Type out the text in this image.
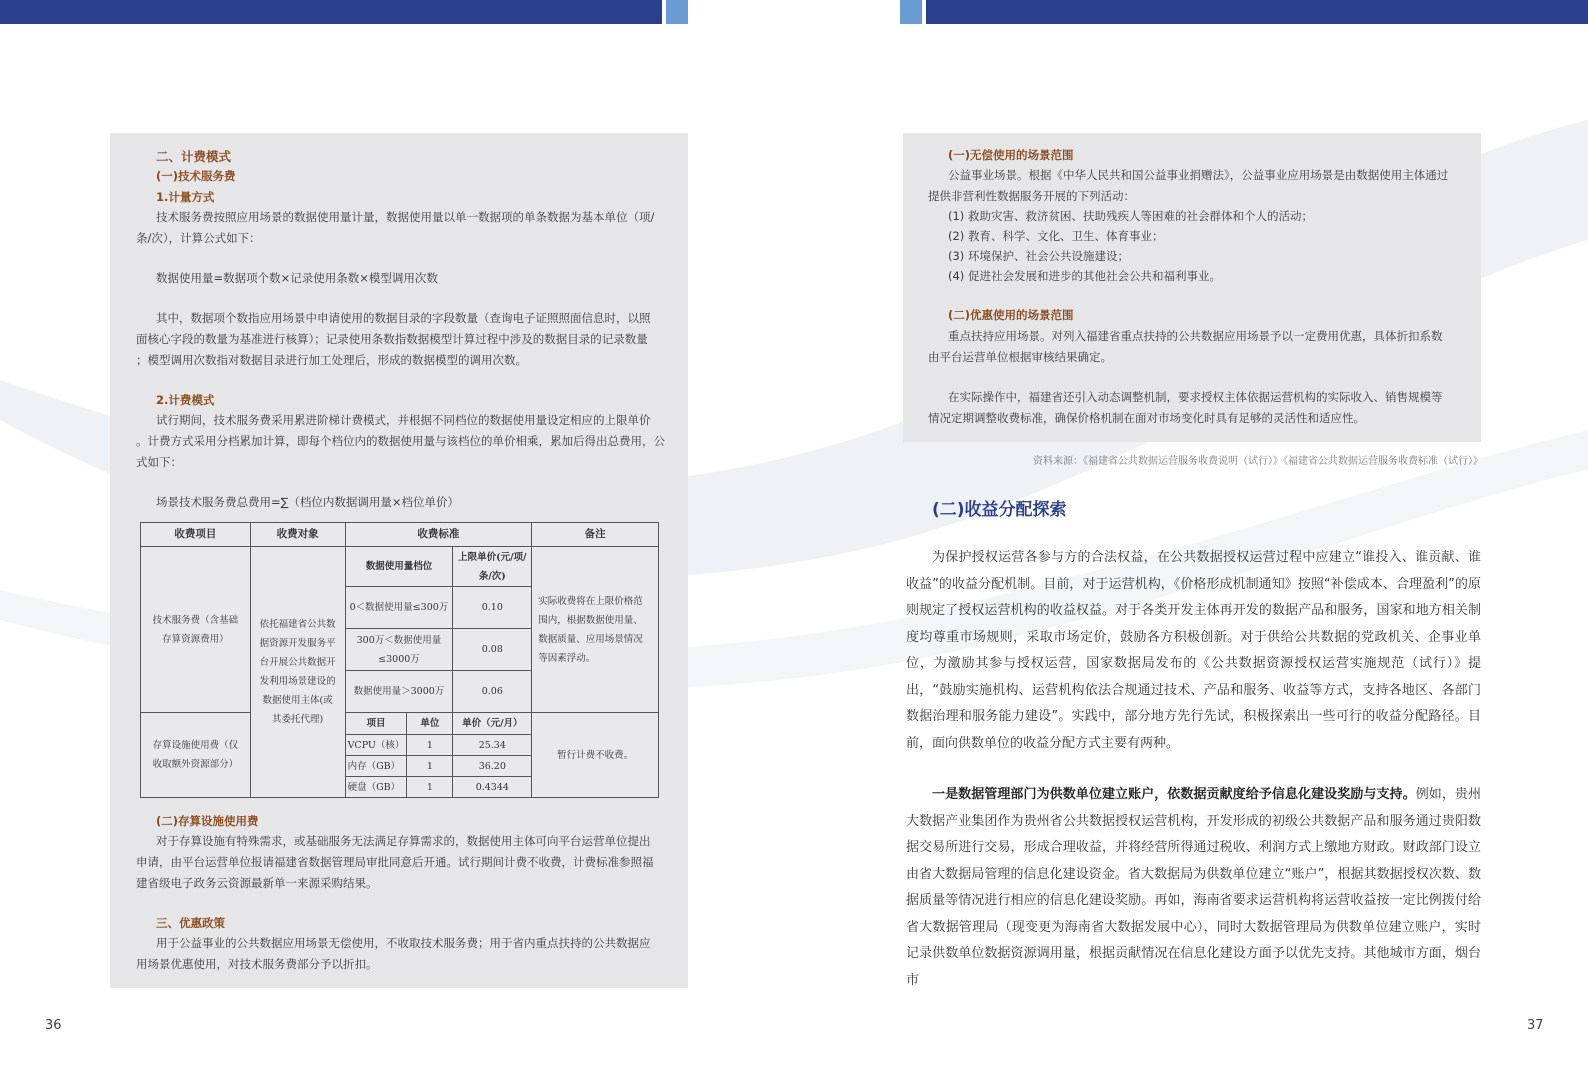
二、计费模式
(一)技术服务费
1.计量方式
技术服务费按照应用场景的数据使用量计量，数据使用量以单一数据项的单条数据为基本单位（项/
条/次），计算公式如下：
数据使用量=数据项个数×记录使用条数×模型调用次数
其中，数据项个数指应用场景中申请使用的数据目录的字段数量（查询电子证照照面信息时，以照
面核心字段的数量为基准进行核算）；记录使用条数指数据模型计算过程中涉及的数据目录的记录数量
；模型调用次数指对数据目录进行加工处理后，形成的数据模型的调用次数。
2.计费模式
试行期间，技术服务费采用累进阶梯计费模式，并根据不同档位的数据使用量设定相应的上限单价
。计费方式采用分档累加计算，即每个档位内的数据使用量与该档位的单价相乘，累加后得出总费用，公
式如下：
场景技术服务费总费用=∑（档位内数据调用量×档位单价）
收费项目	收费对象	收费标准			备注
技术服务费（含基础存算资源费用）	依托福建省公共数据资源开发服务平台开展公共数据开发利用场景建设的数据使用主体(或其委托代理)	数据使用量档位		上限单价(元/项/条/次)	实际收费将在上限价格范围内，根据数据使用量、数据质量、应用场景情况等因素浮动。
		0＜数据使用量≤300万		0.10	
		300万＜数据使用量≤3000万		0.08	
		数据使用量＞3000万		0.06	
存算设施使用费（仅收取额外资源部分）		项目	单位	单价（元/月）	暂行计费不收费。
		VCPU（核）	1	25.34	
		内存（GB）	1	36.20	
		硬盘（GB）	1	0.4344	
(二)存算设施使用费
对于存算设施有特殊需求，或基础服务无法满足存算需求的，数据使用主体可向平台运营单位提出
申请，由平台运营单位报请福建省数据管理局审批同意后开通。试行期间计费不收费，计费标准参照福
建省级电子政务云资源最新单一来源采购结果。
三、优惠政策
用于公益事业的公共数据应用场景无偿使用，不收取技术服务费；用于省内重点扶持的公共数据应
用场景优惠使用，对技术服务费部分予以折扣。
36
(一)无偿使用的场景范围
公益事业场景。根据《中华人民共和国公益事业捐赠法》，公益事业应用场景是由数据使用主体通过
提供非营利性数据服务开展的下列活动：
(1) 救助灾害、救济贫困、扶助残疾人等困难的社会群体和个人的活动；
(2) 教育、科学、文化、卫生、体育事业；
(3) 环境保护、社会公共设施建设；
(4) 促进社会发展和进步的其他社会公共和福利事业。
(二)优惠使用的场景范围
重点扶持应用场景。对列入福建省重点扶持的公共数据应用场景予以一定费用优惠，具体折扣系数
由平台运营单位根据审核结果确定。
在实际操作中，福建省还引入动态调整机制，要求授权主体依据运营机构的实际收入、销售规模等
情况定期调整收费标准，确保价格机制在面对市场变化时具有足够的灵活性和适应性。
资料来源：《福建省公共数据运营服务收费说明（试行）》《福建省公共数据运营服务收费标准（试行）》
(二)收益分配探索
为保护授权运营各参与方的合法权益，在公共数据授权运营过程中应建立“谁投入、谁贡献、谁收益”的收益分配机制。目前，对于运营机构，《价格形成机制通知》按照“补偿成本、合理盈利”的原则规定了授权运营机构的收益权益。对于各类开发主体再开发的数据产品和服务，国家和地方相关制度均尊重市场规则，采取市场定价，鼓励各方积极创新。对于供给公共数据的党政机关、企事业单位，为激励其参与授权运营，国家数据局发布的《公共数据资源授权运营实施规范（试行）》提出，“鼓励实施机构、运营机构依法合规通过技术、产品和服务、收益等方式，支持各地区、各部门数据治理和服务能力建设”。实践中，部分地方先行先试，积极探索出一些可行的收益分配路径。目前，面向供数单位的收益分配方式主要有两种。
一是数据管理部门为供数单位建立账户，依数据贡献度给予信息化建设奖励与支持。例如，贵州大数据产业集团作为贵州省公共数据授权运营机构，开发形成的初级公共数据产品和服务通过贵阳数据交易所进行交易，形成合理收益，并将经营所得通过税收、利润方式上缴地方财政。财政部门设立由省大数据局管理的信息化建设资金。省大数据局为供数单位建立“账户”，根据其数据授权次数、数据质量等情况进行相应的信息化建设奖励。再如，海南省要求运营机构将运营收益按一定比例拨付给省大数据管理局（现变更为海南省大数据发展中心），同时大数据管理局为供数单位建立账户，实时记录供数单位数据资源调用量，根据贡献情况在信息化建设方面予以优先支持。其他城市方面，烟台市
37
